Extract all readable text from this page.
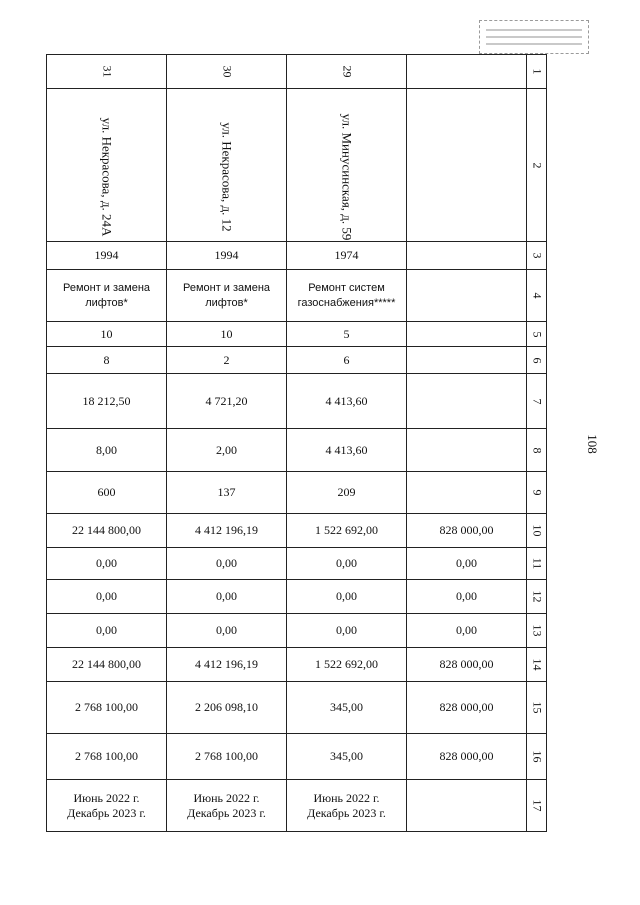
108
31	30	29		1

ул. Некрасова, д. 24А	ул. Некрасова, д. 12	ул. Минусинская, д. 59		2
1994	1994	1974		3
Ремонт и замена лифтов*	Ремонт и замена лифтов*	Ремонт систем газоснабжения*****		4
10	10	5		5
8	2	6		6
18 212,50	4 721,20	4 413,60		7
8,00	2,00	4 413,60		8
600	137	209		9
22 144 800,00	4 412 196,19	1 522 692,00	828 000,00	10
0,00	0,00	0,00	0,00	11
0,00	0,00	0,00	0,00	12
0,00	0,00	0,00	0,00	13
22 144 800,00	4 412 196,19	1 522 692,00	828 000,00	14
2 768 100,00	2 206 098,10	345,00	828 000,00	15
2 768 100,00	2 768 100,00	345,00	828 000,00	16
Июнь 2022 г. Декабрь 2023 г.	Июнь 2022 г. Декабрь 2023 г.	Июнь 2022 г. Декабрь 2023 г.		17
